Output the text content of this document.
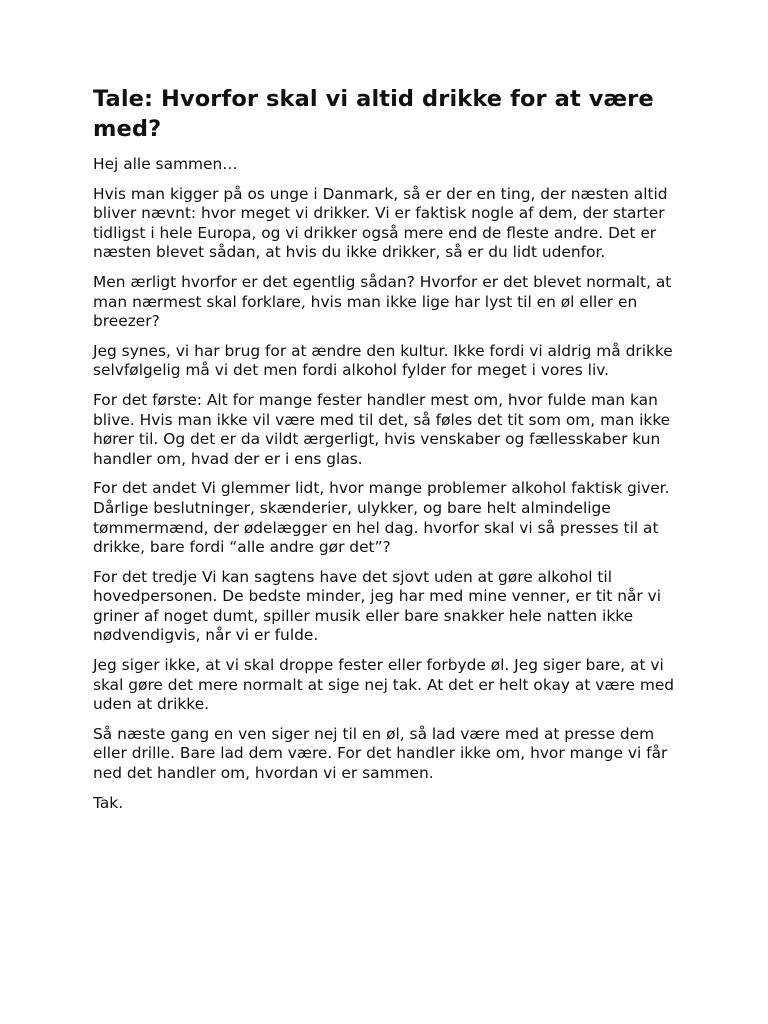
Tale: Hvorfor skal vi altid drikke for at være med?

Hej alle sammen…

Hvis man kigger på os unge i Danmark, så er der en ting, der næsten altid bliver nævnt: hvor meget vi drikker. Vi er faktisk nogle af dem, der starter tidligst i hele Europa, og vi drikker også mere end de fleste andre. Det er næsten blevet sådan, at hvis du ikke drikker, så er du lidt udenfor.

Men ærligt hvorfor er det egentlig sådan? Hvorfor er det blevet normalt, at man nærmest skal forklare, hvis man ikke lige har lyst til en øl eller en breezer?

Jeg synes, vi har brug for at ændre den kultur. Ikke fordi vi aldrig må drikke selvfølgelig må vi det men fordi alkohol fylder for meget i vores liv.

For det første: Alt for mange fester handler mest om, hvor fulde man kan blive. Hvis man ikke vil være med til det, så føles det tit som om, man ikke hører til. Og det er da vildt ærgerligt, hvis venskaber og fællesskaber kun handler om, hvad der er i ens glas.

For det andet Vi glemmer lidt, hvor mange problemer alkohol faktisk giver. Dårlige beslutninger, skænderier, ulykker, og bare helt almindelige tømmermænd, der ødelægger en hel dag. hvorfor skal vi så presses til at drikke, bare fordi “alle andre gør det”?

For det tredje Vi kan sagtens have det sjovt uden at gøre alkohol til hovedpersonen. De bedste minder, jeg har med mine venner, er tit når vi griner af noget dumt, spiller musik eller bare snakker hele natten ikke nødvendigvis, når vi er fulde.

Jeg siger ikke, at vi skal droppe fester eller forbyde øl. Jeg siger bare, at vi skal gøre det mere normalt at sige nej tak. At det er helt okay at være med uden at drikke.

Så næste gang en ven siger nej til en øl, så lad være med at presse dem eller drille. Bare lad dem være. For det handler ikke om, hvor mange vi får ned det handler om, hvordan vi er sammen.

Tak.
